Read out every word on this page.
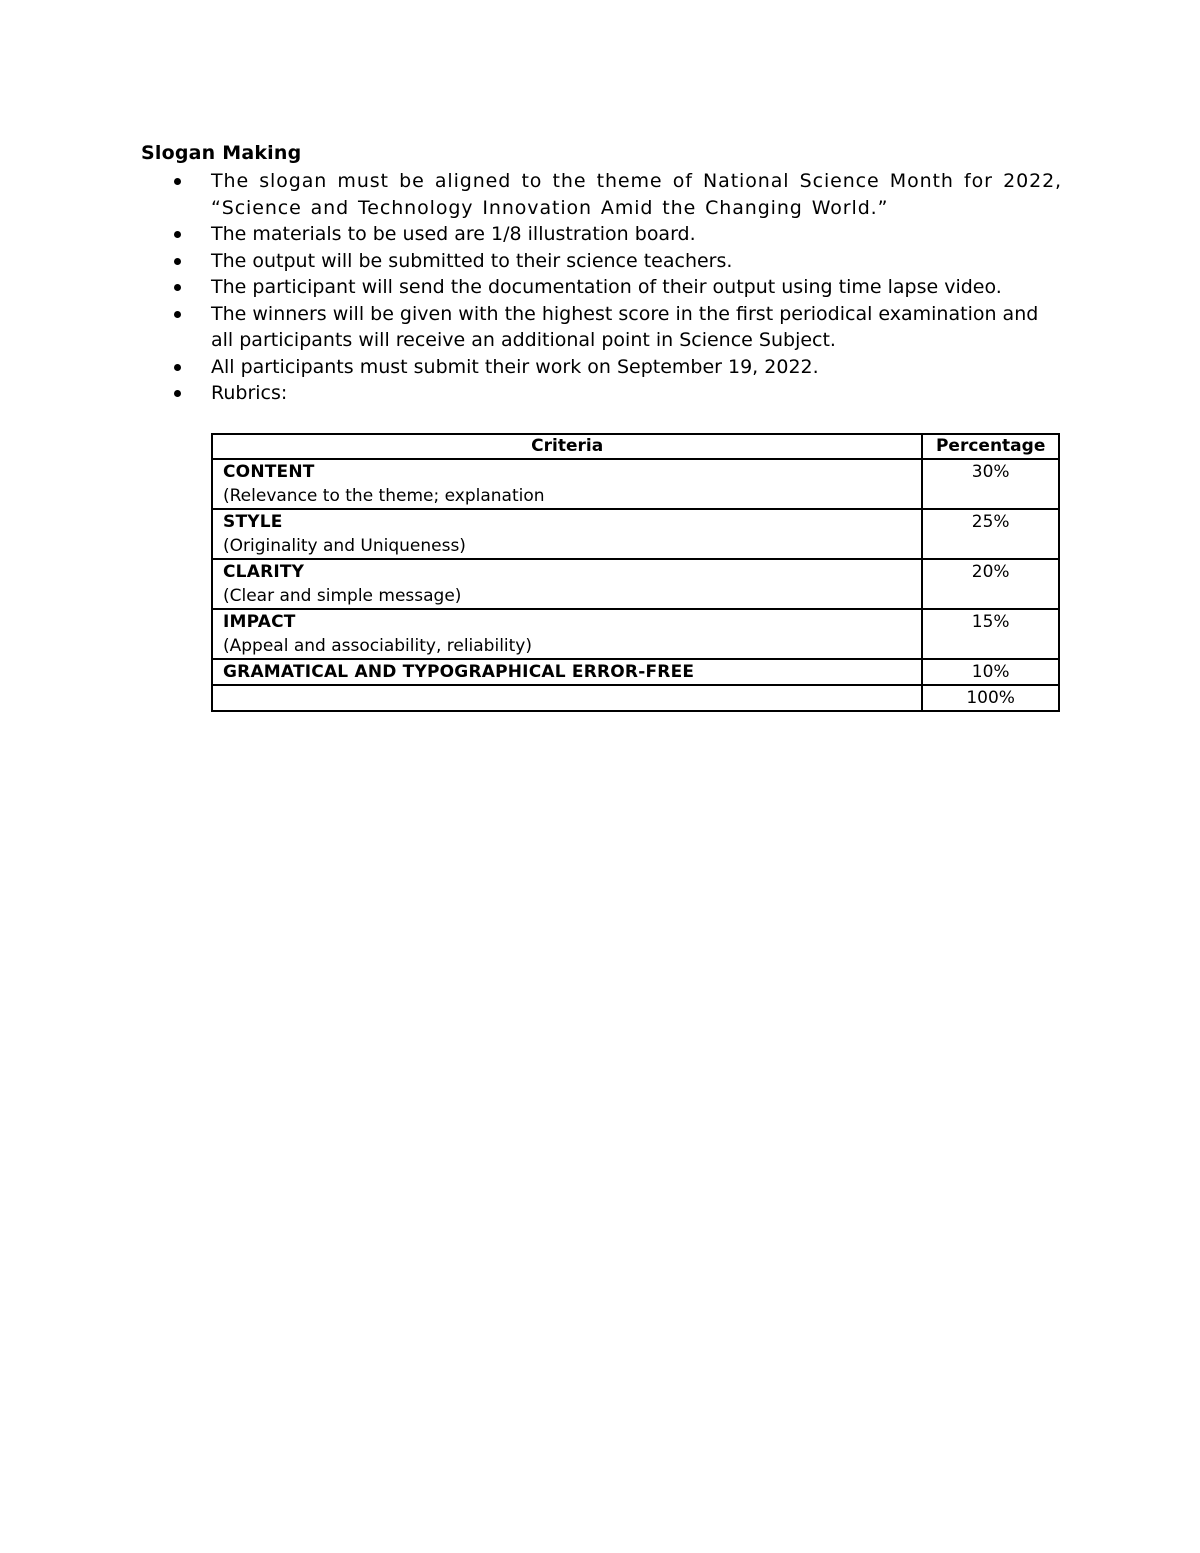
Slogan Making
The slogan must be aligned to the theme of National Science Month for 2022, “Science and Technology Innovation Amid the Changing World.”
The materials to be used are 1/8 illustration board.
The output will be submitted to their science teachers.
The participant will send the documentation of their output using time lapse video.
The winners will be given with the highest score in the first periodical examination and all participants will receive an additional point in Science Subject.
All participants must submit their work on September 19, 2022.
Rubrics:
Criteria	Percentage

CONTENT
(Relevance to the theme; explanation	30%

STYLE
(Originality and Uniqueness)	25%

CLARITY
(Clear and simple message)	20%

IMPACT
(Appeal and associability, reliability)	15%

GRAMATICAL AND TYPOGRAPHICAL ERROR-FREE	10%
	100%
